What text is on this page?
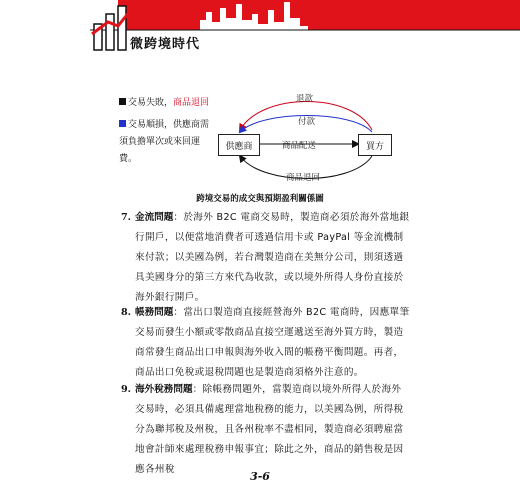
微跨境時代
交易失敗，商品退回
交易順損，供應商需
須負擔單次或來回運費。
供應商	買方
退款
付款
商品配送
商品退回
跨境交易的成交與預期盈利關係圖
7. 金流問題：於海外 B2C 電商交易時，製造商必須於海外當地銀行開戶，以便當地消費者可透過信用卡或 PayPal 等金流機制來付款；以美國為例，若台灣製造商在美無分公司，則須透過具美國身分的第三方來代為收款，或以境外所得人身份直接於海外銀行開戶。
8. 帳務問題：當出口製造商直接經營海外 B2C 電商時，因應單筆交易而發生小額或零散商品直接空運遞送至海外買方時，製造商常發生商品出口申報與海外收入間的帳務平衡問題。再者，商品出口免稅或退稅問題也是製造商須格外注意的。
9. 海外稅務問題：除帳務問題外，當製造商以境外所得人於海外交易時，必須具備處理當地稅務的能力，以美國為例，所得稅分為聯邦稅及州稅，且各州稅率不盡相同，製造商必須聘雇當地會計師來處理稅務申報事宜；除此之外，商品的銷售稅是因應各州稅
3-6
